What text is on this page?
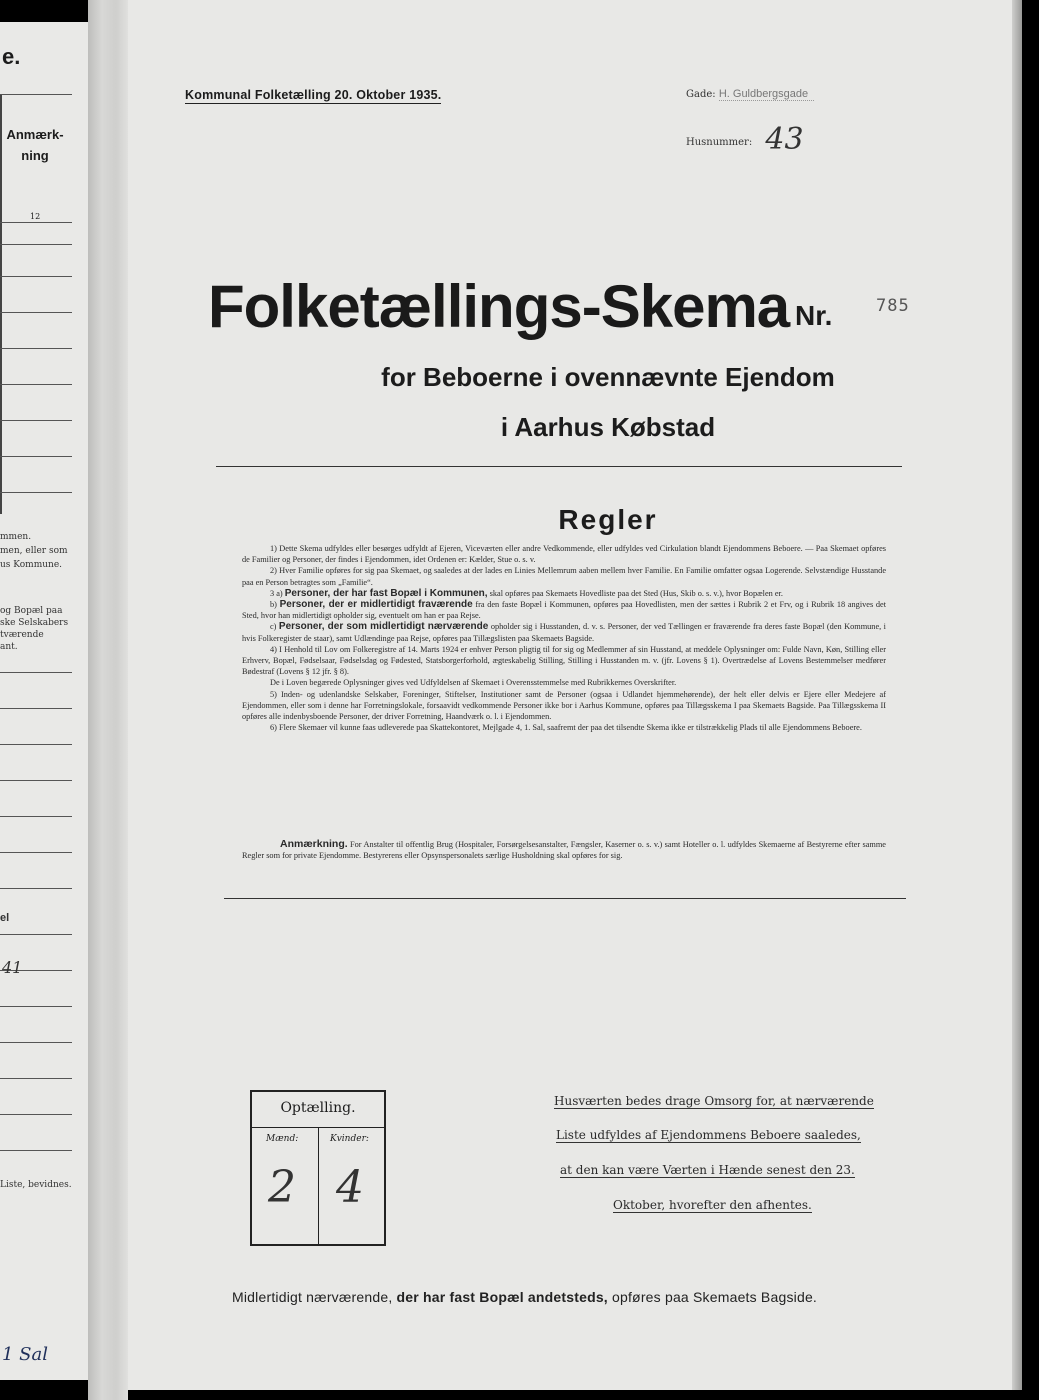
e.
Anmærk-
ning
12
mmen.
men, eller som
us Kommune.
og Bopæl paa
ske Selskabers
tværende
ant.
el
41
Liste, bevidnes.
1 Sal
Kommunal Folketælling 20. Oktober 1935.	Gade: H. Guldbergsgade
Husnummer: 43
Folketællings-Skema Nr.	785
for Beboerne i ovennævnte Ejendom
i Aarhus Købstad
Regler

1) Dette Skema udfyldes eller besørges udfyldt af Ejeren, Viceværten eller andre Vedkommende, eller udfyldes ved Cirkulation blandt Ejendommens Beboere. — Paa Skemaet opføres de Familier og Personer, der findes i Ejendommen, idet Ordenen er: Kælder, Stue o. s. v.

2) Hver Familie opføres for sig paa Skemaet, og saaledes at der lades en Linies Mellemrum aaben mellem hver Familie. En Familie omfatter ogsaa Logerende. Selvstændige Husstande paa en Person betragtes som „Familie“.

3 a) Personer, der har fast Bopæl i Kommunen, skal opføres paa Skemaets Hovedliste paa det Sted (Hus, Skib o. s. v.), hvor Bopælen er.

b) Personer, der er midlertidigt fraværende fra den faste Bopæl i Kommunen, opføres paa Hovedlisten, men der sættes i Rubrik 2 et Frv, og i Rubrik 18 angives det Sted, hvor han midlertidigt opholder sig, eventuelt om han er paa Rejse.

c) Personer, der som midlertidigt nærværende opholder sig i Husstanden, d. v. s. Personer, der ved Tællingen er fraværende fra deres faste Bopæl (den Kommune, i hvis Folkeregister de staar), samt Udlændinge paa Rejse, opføres paa Tillægslisten paa Skemaets Bagside.

4) I Henhold til Lov om Folkeregistre af 14. Marts 1924 er enhver Person pligtig til for sig og Medlemmer af sin Husstand, at meddele Oplysninger om: Fulde Navn, Køn, Stilling eller Erhverv, Bopæl, Fødselsaar, Fødselsdag og Fødested, Statsborgerforhold, ægteskabelig Stilling, Stilling i Husstanden m. v. (jfr. Lovens § 1). Overtrædelse af Lovens Bestemmelser medfører Bødestraf (Lovens § 12 jfr. § 8).

De i Loven begærede Oplysninger gives ved Udfyldelsen af Skemaet i Overensstemmelse med Rubrikkernes Overskrifter.

5) Inden- og udenlandske Selskaber, Foreninger, Stiftelser, Institutioner samt de Personer (ogsaa i Udlandet hjemmehørende), der helt eller delvis er Ejere eller Medejere af Ejendommen, eller som i denne har Forretningslokale, forsaavidt vedkommende Personer ikke bor i Aarhus Kommune, opføres paa Tillægsskema I paa Skemaets Bagside. Paa Tillægsskema II opføres alle indenbysboende Personer, der driver Forretning, Haandværk o. l. i Ejendommen.

6) Flere Skemaer vil kunne faas udleverede paa Skattekontoret, Mejlgade 4, 1. Sal, saafremt der paa det tilsendte Skema ikke er tilstrækkelig Plads til alle Ejendommens Beboere.

Anmærkning. For Anstalter til offentlig Brug (Hospitaler, Forsørgelsesanstalter, Fængsler, Kaserner o. s. v.) samt Hoteller o. l. udfyldes Skemaerne af Bestyrerne efter samme Regler som for private Ejendomme. Bestyrerens eller Opsynspersonalets særlige Husholdning skal opføres for sig.
Optælling.
Mænd:	Kvinder:
2 4
Husværten bedes drage Omsorg for, at nærværende
Liste udfyldes af Ejendommens Beboere saaledes,
at den kan være Værten i Hænde senest den 23.
Oktober, hvorefter den afhentes.
Midlertidigt nærværende, der har fast Bopæl andetsteds, opføres paa Skemaets Bagside.
